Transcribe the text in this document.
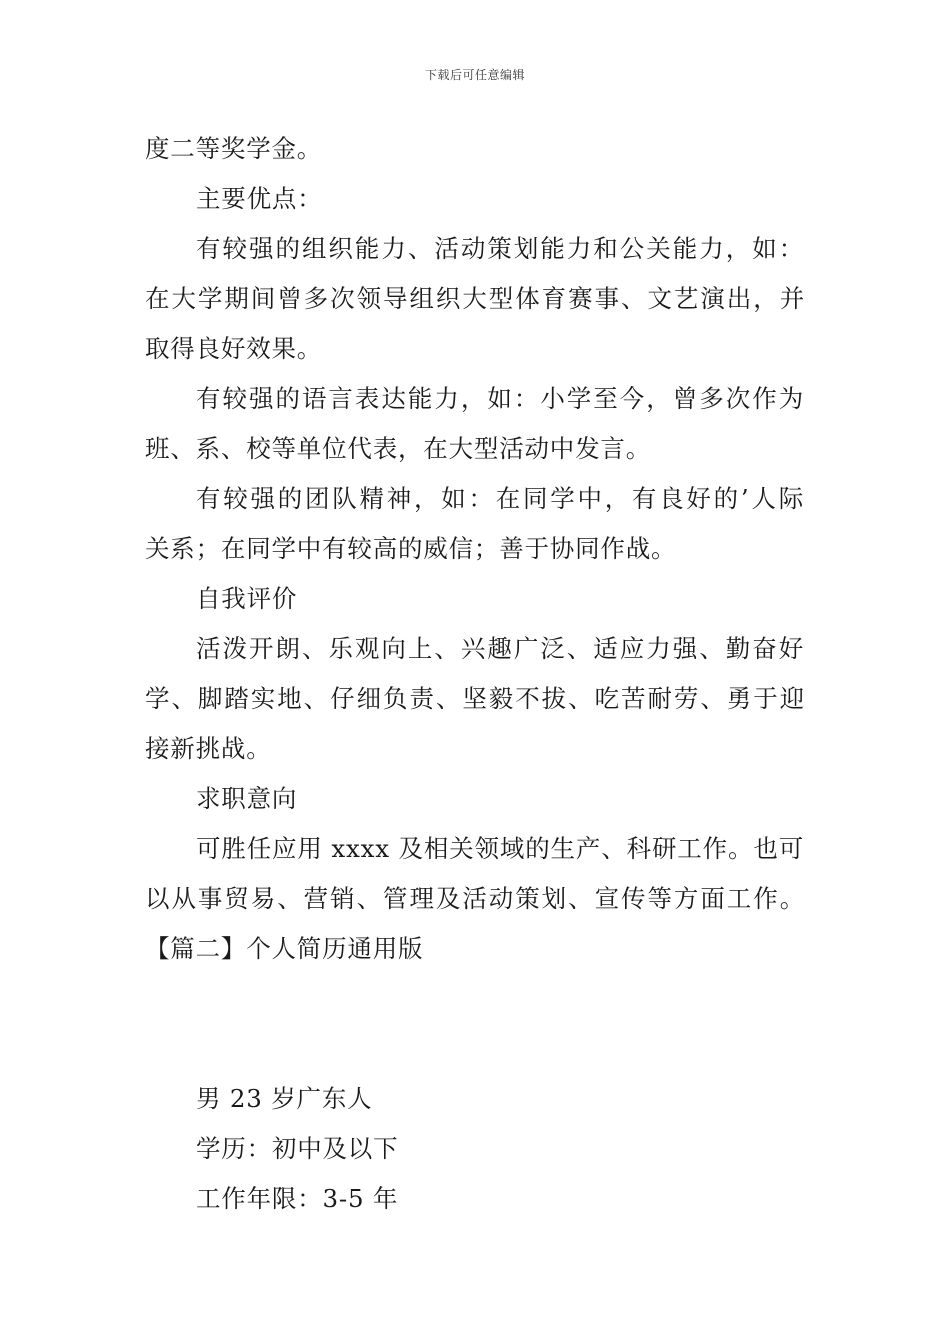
下载后可任意编辑
度二等奖学金。
主要优点：
有较强的组织能力、活动策划能力和公关能力，如：
在大学期间曾多次领导组织大型体育赛事、文艺演出，并
取得良好效果。
有较强的语言表达能力，如：小学至今，曾多次作为
班、系、校等单位代表，在大型活动中发言。
有较强的团队精神，如：在同学中，有良好的’人际
关系；在同学中有较高的威信；善于协同作战。
自我评价
活泼开朗、乐观向上、兴趣广泛、适应力强、勤奋好
学、脚踏实地、仔细负责、坚毅不拔、吃苦耐劳、勇于迎
接新挑战。
求职意向
可胜任应用 xxxx 及相关领域的生产、科研工作。也可
以从事贸易、营销、管理及活动策划、宣传等方面工作。
【篇二】个人简历通用版
男 23 岁广东人
学历：初中及以下
工作年限：3-5 年
